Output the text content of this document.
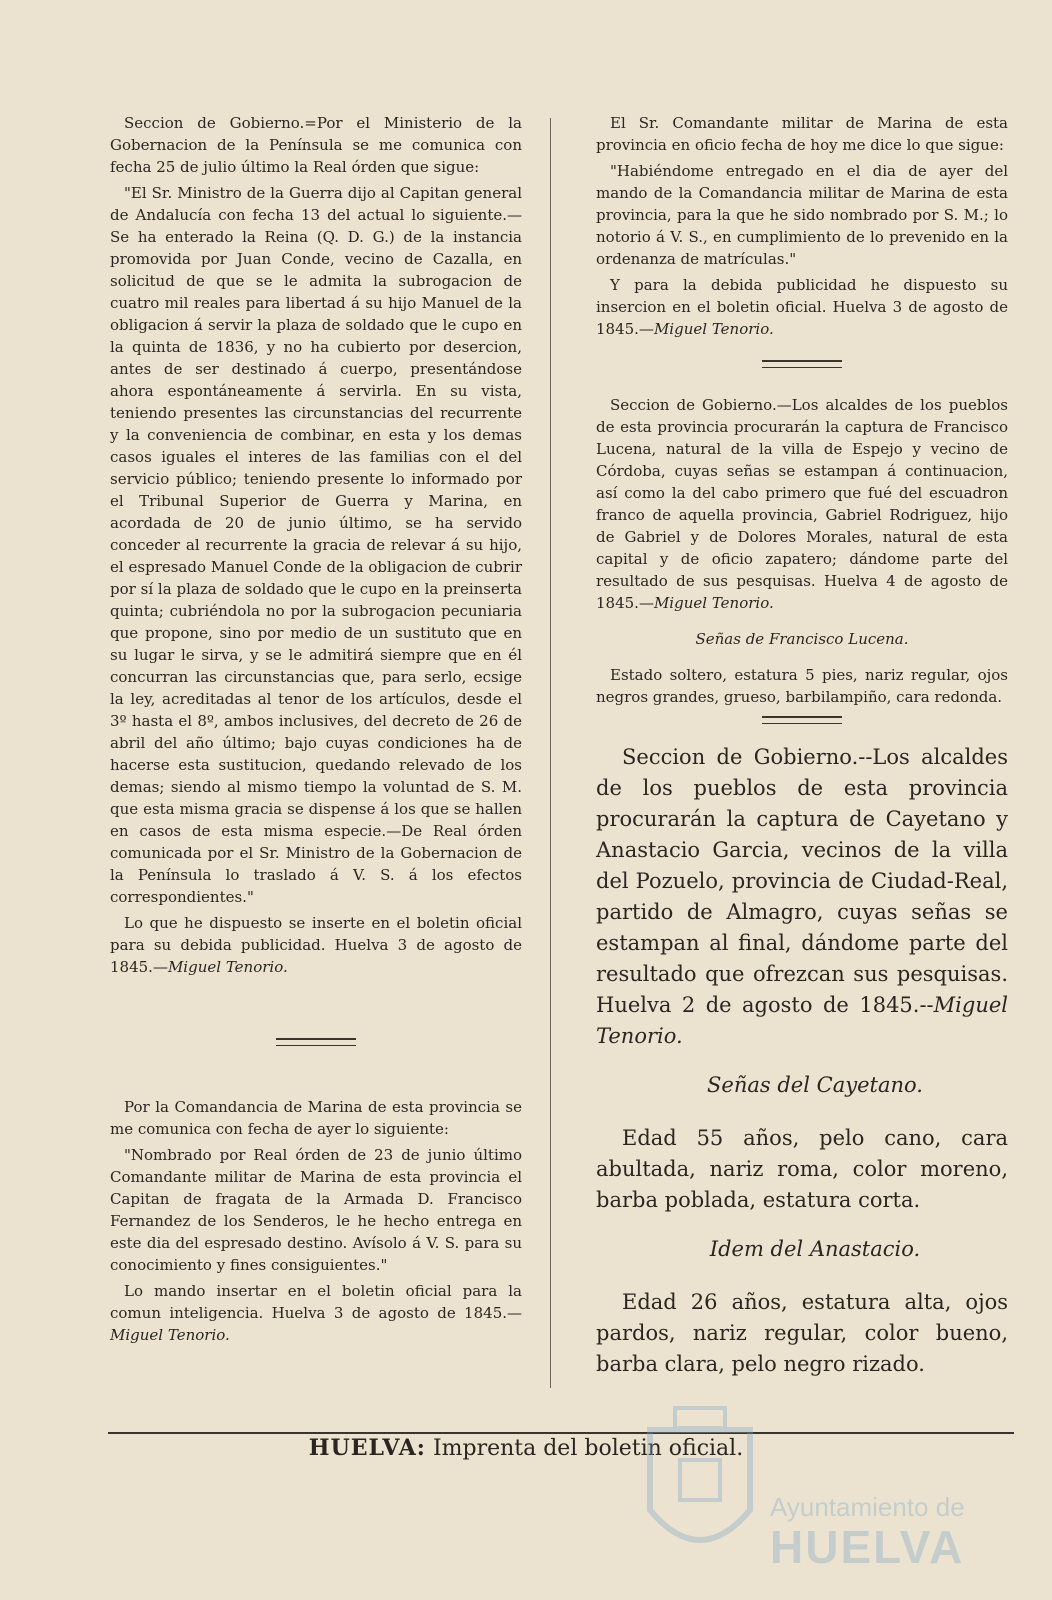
Seccion de Gobierno.=Por el Ministerio de la Gobernacion de la Península se me comunica con fecha 25 de julio último la Real órden que sigue:

"El Sr. Ministro de la Guerra dijo al Capitan general de Andalucía con fecha 13 del actual lo siguiente.—Se ha enterado la Reina (Q. D. G.) de la instancia promovida por Juan Conde, vecino de Cazalla, en solicitud de que se le admita la subrogacion de cuatro mil reales para libertad á su hijo Manuel de la obligacion á servir la plaza de soldado que le cupo en la quinta de 1836, y no ha cubierto por desercion, antes de ser destinado á cuerpo, presentándose ahora espontáneamente á servirla. En su vista, teniendo presentes las circunstancias del recurrente y la conveniencia de combinar, en esta y los demas casos iguales el interes de las familias con el del servicio público; teniendo presente lo informado por el Tribunal Superior de Guerra y Marina, en acordada de 20 de junio último, se ha servido conceder al recurrente la gracia de relevar á su hijo, el espresado Manuel Conde de la obligacion de cubrir por sí la plaza de soldado que le cupo en la preinserta quinta; cubriéndola no por la subrogacion pecuniaria que propone, sino por medio de un sustituto que en su lugar le sirva, y se le admitirá siempre que en él concurran las circunstancias que, para serlo, ecsige la ley, acreditadas al tenor de los artículos, desde el 3º hasta el 8º, ambos inclusives, del decreto de 26 de abril del año último; bajo cuyas condiciones ha de hacerse esta sustitucion, quedando relevado de los demas; siendo al mismo tiempo la voluntad de S. M. que esta misma gracia se dispense á los que se hallen en casos de esta misma especie.—De Real órden comunicada por el Sr. Ministro de la Gobernacion de la Península lo traslado á V. S. á los efectos correspondientes."

Lo que he dispuesto se inserte en el boletin oficial para su debida publicidad. Huelva 3 de agosto de 1845.—Miguel Tenorio.

Por la Comandancia de Marina de esta provincia se me comunica con fecha de ayer lo siguiente:

"Nombrado por Real órden de 23 de junio último Comandante militar de Marina de esta provincia el Capitan de fragata de la Armada D. Francisco Fernandez de los Senderos, le he hecho entrega en este dia del espresado destino. Avísolo á V. S. para su conocimiento y fines consiguientes."

Lo mando insertar en el boletin oficial para la comun inteligencia. Huelva 3 de agosto de 1845.—Miguel Tenorio.

El Sr. Comandante militar de Marina de esta provincia en oficio fecha de hoy me dice lo que sigue:

"Habiéndome entregado en el dia de ayer del mando de la Comandancia militar de Marina de esta provincia, para la que he sido nombrado por S. M.; lo notorio á V. S., en cumplimiento de lo prevenido en la ordenanza de matrículas."

Y para la debida publicidad he dispuesto su insercion en el boletin oficial. Huelva 3 de agosto de 1845.—Miguel Tenorio.

Seccion de Gobierno.—Los alcaldes de los pueblos de esta provincia procurarán la captura de Francisco Lucena, natural de la villa de Espejo y vecino de Córdoba, cuyas señas se estampan á continuacion, así como la del cabo primero que fué del escuadron franco de aquella provincia, Gabriel Rodriguez, hijo de Gabriel y de Dolores Morales, natural de esta capital y de oficio zapatero; dándome parte del resultado de sus pesquisas. Huelva 4 de agosto de 1845.—Miguel Tenorio.

Señas de Francisco Lucena.

Estado soltero, estatura 5 pies, nariz regular, ojos negros grandes, grueso, barbilampiño, cara redonda.

Seccion de Gobierno.--Los alcaldes de los pueblos de esta provincia procurarán la captura de Cayetano y Anastacio Garcia, vecinos de la villa del Pozuelo, provincia de Ciudad-Real, partido de Almagro, cuyas señas se estampan al final, dándome parte del resultado que ofrezcan sus pesquisas. Huelva 2 de agosto de 1845.--Miguel Tenorio.

Señas del Cayetano.

Edad 55 años, pelo cano, cara abultada, nariz roma, color moreno, barba poblada, estatura corta.

Idem del Anastacio.

Edad 26 años, estatura alta, ojos pardos, nariz regular, color bueno, barba clara, pelo negro rizado.

HUELVA: Imprenta del boletin oficial.
Ayuntamiento de
HUELVA
